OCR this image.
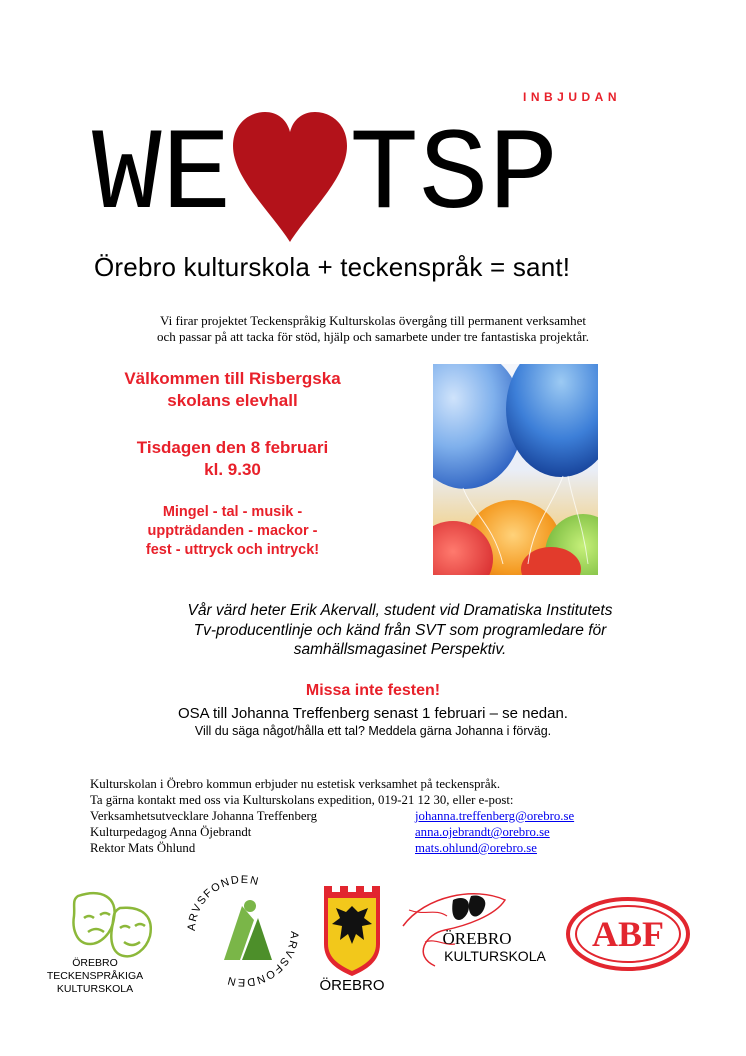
INBJUDAN
WE TSP
Örebro kulturskola + teckenspråk = sant!
Vi firar projektet Teckenspråkig Kulturskolas övergång till permanent verksamhet
och passar på att tacka för stöd, hjälp och samarbete under tre fantastiska projektår.
Välkommen till Risbergska
skolans elevhall
Tisdagen den 8 februari
kl. 9.30
Mingel - tal - musik -
uppträdanden - mackor -
fest - uttryck och intryck!
Vår värd heter Erik Akervall, student vid Dramatiska Institutets
Tv-producentlinje och känd från SVT som programledare för
samhällsmagasinet Perspektiv.
Missa inte festen!
OSA till Johanna Treffenberg senast 1 februari – se nedan.
Vill du säga något/hålla ett tal? Meddela gärna Johanna i förväg.
Kulturskolan i Örebro kommun erbjuder nu estetisk verksamhet på teckenspråk.
Ta gärna kontakt med oss via Kulturskolans expedition, 019-21 12 30, eller e-post:
Verksamhetsutvecklare Johanna Treffenberg	johanna.treffenberg@orebro.se
Kulturpedagog Anna Öjebrandt	anna.ojebrandt@orebro.se
Rektor Mats Öhlund	mats.ohlund@orebro.se
ÖREBRO
TECKENSPRÅKIGA
KULTURSKOLA
ARVSFONDEN
ARVSFONDEN	ÖREBRO
ÖREBRO
KULTURSKOLA
ABF
